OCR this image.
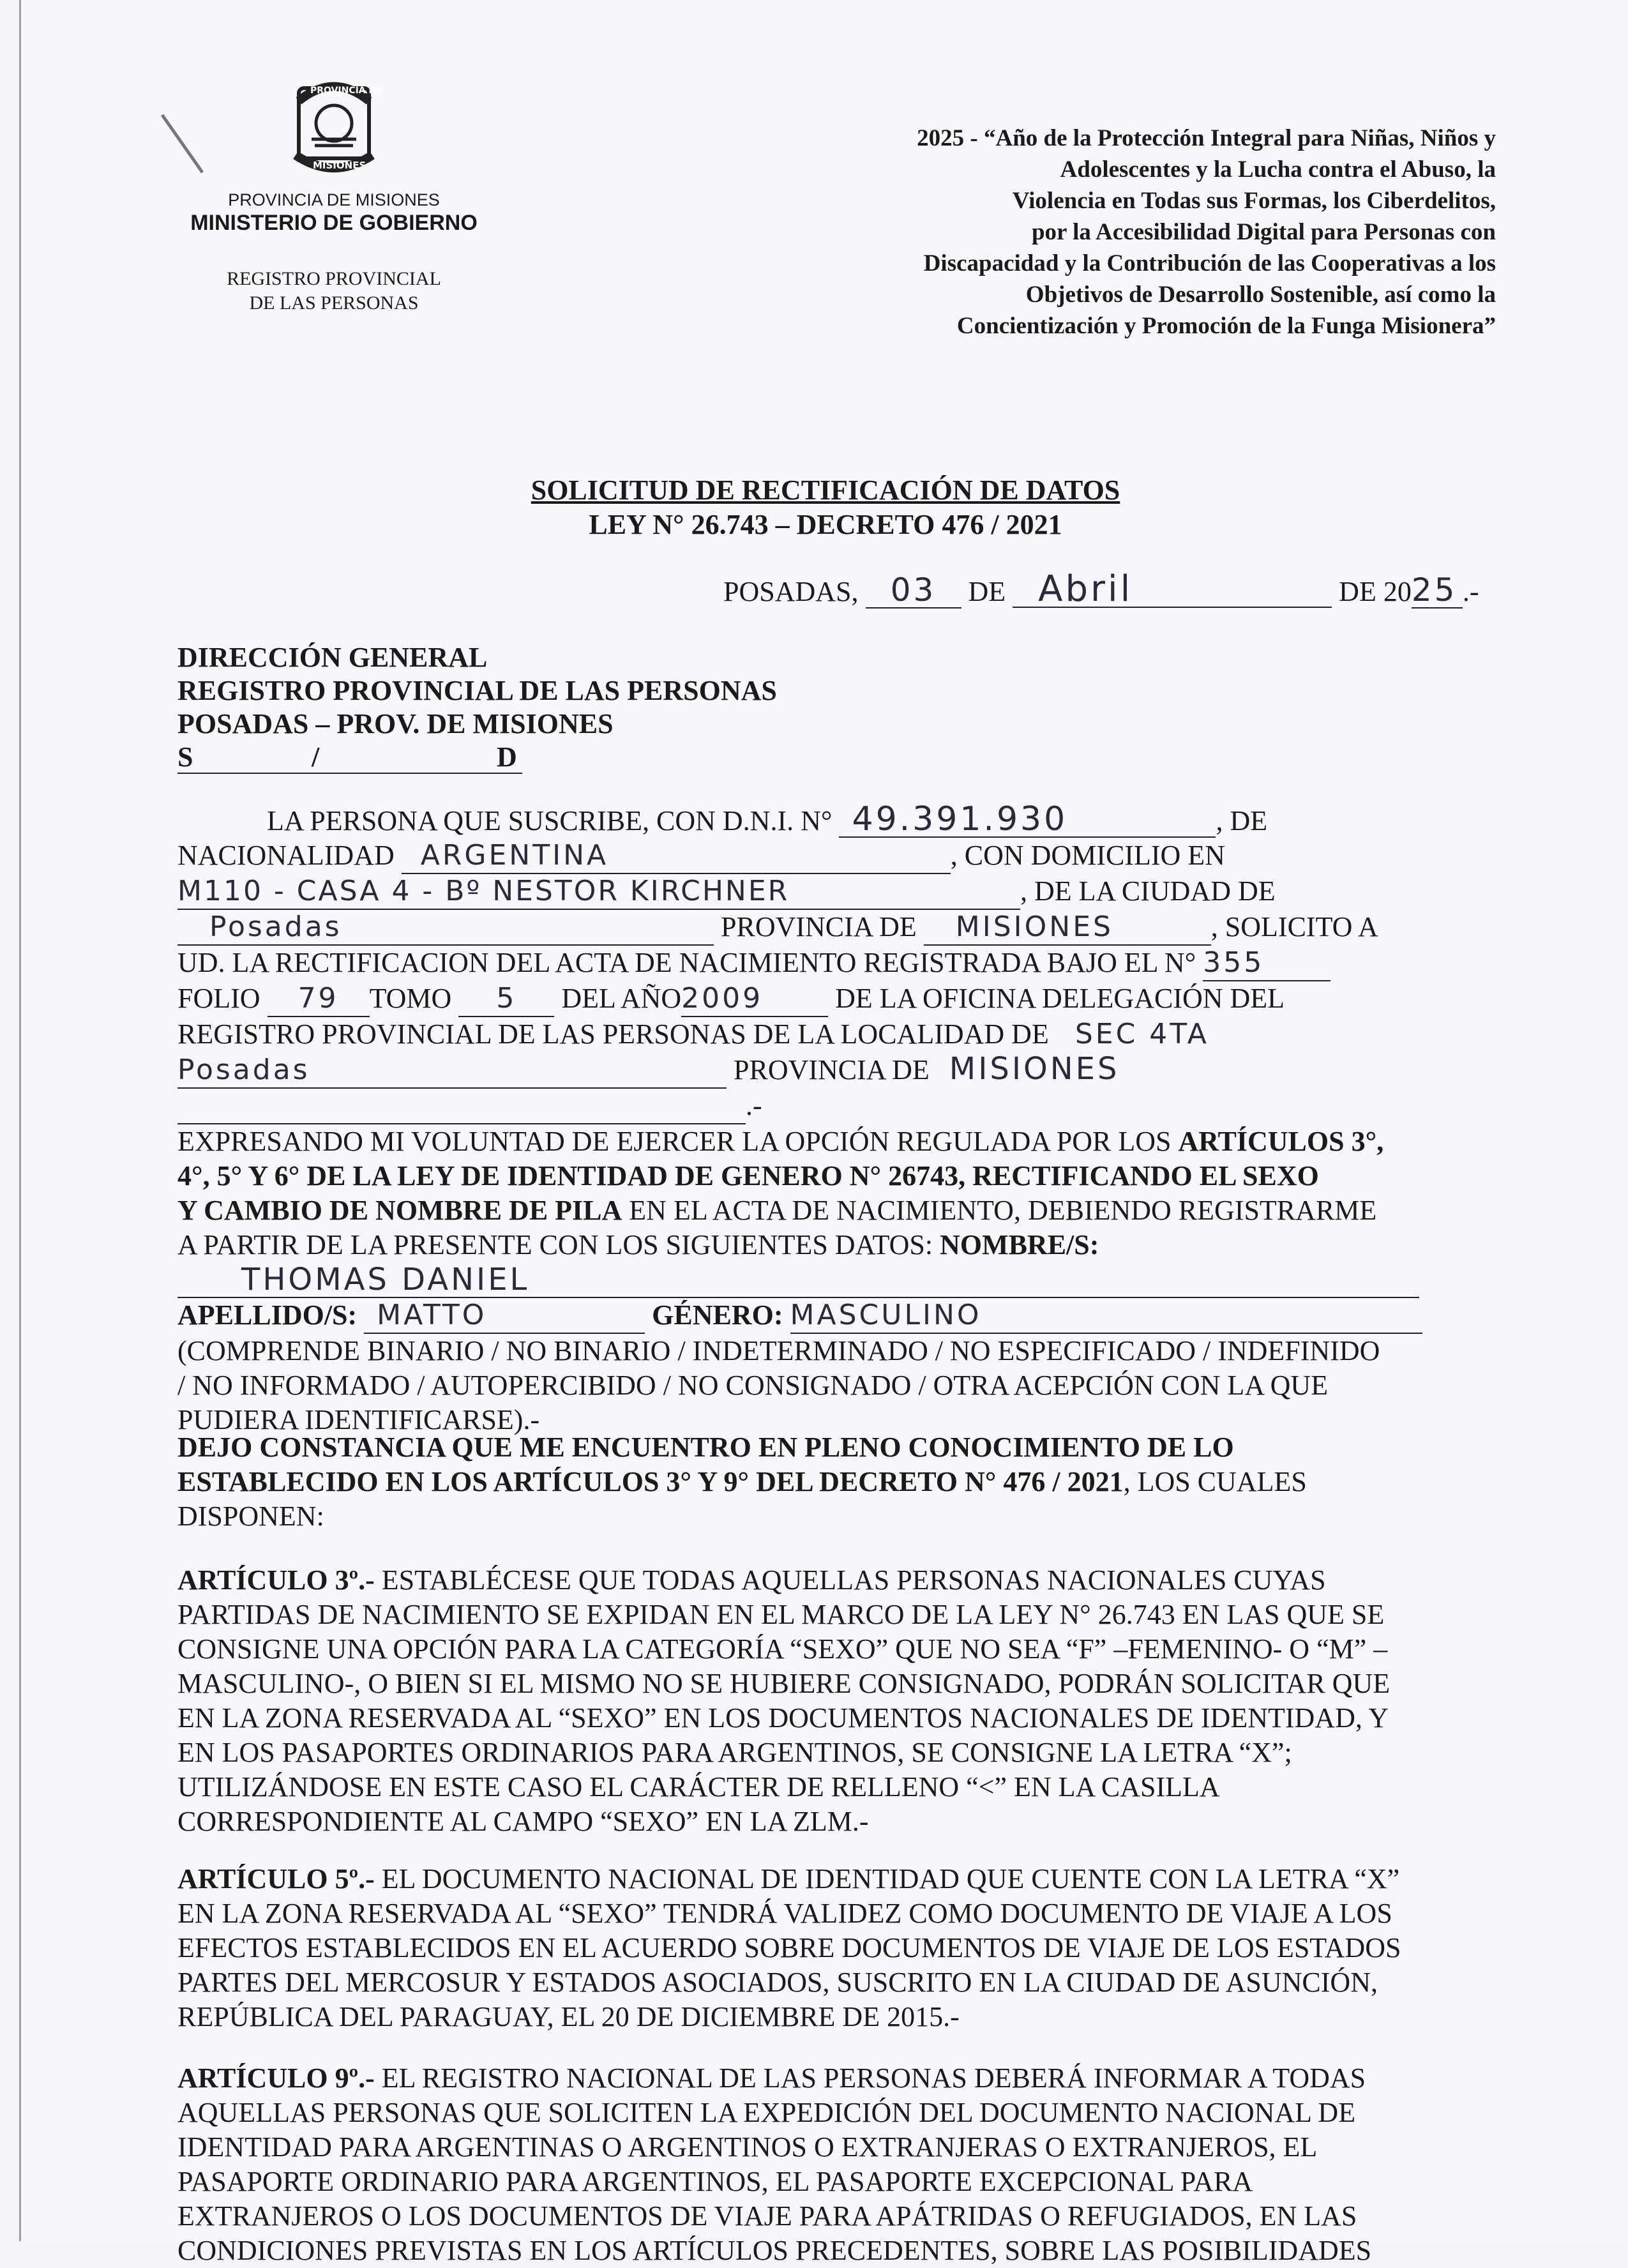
PROVINCIA DE
MISIONES
PROVINCIA DE MISIONES
MINISTERIO DE GOBIERNO
REGISTRO PROVINCIAL
DE LAS PERSONAS
2025 - “Año de la Protección Integral para Niñas, Niños y
Adolescentes y la Lucha contra el Abuso, la
Violencia en Todas sus Formas, los Ciberdelitos,
por la Accesibilidad Digital para Personas con
Discapacidad y la Contribución de las Cooperativas a los
Objetivos de Desarrollo Sostenible, así como la
Concientización y Promoción de la Funga Misionera”
SOLICITUD DE RECTIFICACIÓN DE DATOS
LEY N° 26.743 – DECRETO 476 / 2021
POSADAS, 03 DE Abril	DE 2025 .-
DIRECCIÓN GENERAL
REGISTRO PROVINCIAL DE LAS PERSONAS
POSADAS – PROV. DE MISIONES
S	/	D
LA PERSONA QUE SUSCRIBE, CON D.N.I. N° 49.391.930	, DE
NACIONALIDAD ARGENTINA	, CON DOMICILIO EN
M110 - CASA 4 - Bº NESTOR KIRCHNER	, DE LA CIUDAD DE
Posadas	PROVINCIA DE MISIONES	, SOLICITO A
UD. LA RECTIFICACION DEL ACTA DE NACIMIENTO REGISTRADA BAJO EL N° 355
FOLIO 79 TOMO 5 DEL AÑO2009	DE LA OFICINA DELEGACIÓN DEL
REGISTRO PROVINCIAL DE LAS PERSONAS DE LA LOCALIDAD DE SEC 4TA
Posadas	PROVINCIA DE MISIONES
.-
EXPRESANDO MI VOLUNTAD DE EJERCER LA OPCIÓN REGULADA POR LOS ARTÍCULOS 3°,
4°, 5° Y 6° DE LA LEY DE IDENTIDAD DE GENERO N° 26743, RECTIFICANDO EL SEXO
Y CAMBIO DE NOMBRE DE PILA EN EL ACTA DE NACIMIENTO, DEBIENDO REGISTRARME
A PARTIR DE LA PRESENTE CON LOS SIGUIENTES DATOS: NOMBRE/S:
THOMAS DANIEL
APELLIDO/S: MATTO	GÉNERO: MASCULINO
(COMPRENDE BINARIO / NO BINARIO / INDETERMINADO / NO ESPECIFICADO / INDEFINIDO
/ NO INFORMADO / AUTOPERCIBIDO / NO CONSIGNADO / OTRA ACEPCIÓN CON LA QUE
PUDIERA IDENTIFICARSE).-
DEJO CONSTANCIA QUE ME ENCUENTRO EN PLENO CONOCIMIENTO DE LO
ESTABLECIDO EN LOS ARTÍCULOS 3° Y 9° DEL DECRETO N° 476 / 2021, LOS CUALES
DISPONEN:
ARTÍCULO 3º.- ESTABLÉCESE QUE TODAS AQUELLAS PERSONAS NACIONALES CUYAS
PARTIDAS DE NACIMIENTO SE EXPIDAN EN EL MARCO DE LA LEY N° 26.743 EN LAS QUE SE
CONSIGNE UNA OPCIÓN PARA LA CATEGORÍA “SEXO” QUE NO SEA “F” –FEMENINO- O “M” –
MASCULINO-, O BIEN SI EL MISMO NO SE HUBIERE CONSIGNADO, PODRÁN SOLICITAR QUE
EN LA ZONA RESERVADA AL “SEXO” EN LOS DOCUMENTOS NACIONALES DE IDENTIDAD, Y
EN LOS PASAPORTES ORDINARIOS PARA ARGENTINOS, SE CONSIGNE LA LETRA “X”;
UTILIZÁNDOSE EN ESTE CASO EL CARÁCTER DE RELLENO “<” EN LA CASILLA
CORRESPONDIENTE AL CAMPO “SEXO” EN LA ZLM.-
ARTÍCULO 5º.- EL DOCUMENTO NACIONAL DE IDENTIDAD QUE CUENTE CON LA LETRA “X”
EN LA ZONA RESERVADA AL “SEXO” TENDRÁ VALIDEZ COMO DOCUMENTO DE VIAJE A LOS
EFECTOS ESTABLECIDOS EN EL ACUERDO SOBRE DOCUMENTOS DE VIAJE DE LOS ESTADOS
PARTES DEL MERCOSUR Y ESTADOS ASOCIADOS, SUSCRITO EN LA CIUDAD DE ASUNCIÓN,
REPÚBLICA DEL PARAGUAY, EL 20 DE DICIEMBRE DE 2015.-
ARTÍCULO 9º.- EL REGISTRO NACIONAL DE LAS PERSONAS DEBERÁ INFORMAR A TODAS
AQUELLAS PERSONAS QUE SOLICITEN LA EXPEDICIÓN DEL DOCUMENTO NACIONAL DE
IDENTIDAD PARA ARGENTINAS O ARGENTINOS O EXTRANJERAS O EXTRANJEROS, EL
PASAPORTE ORDINARIO PARA ARGENTINOS, EL PASAPORTE EXCEPCIONAL PARA
EXTRANJEROS O LOS DOCUMENTOS DE VIAJE PARA APÁTRIDAS O REFUGIADOS, EN LAS
CONDICIONES PREVISTAS EN LOS ARTÍCULOS PRECEDENTES, SOBRE LAS POSIBILIDADES
